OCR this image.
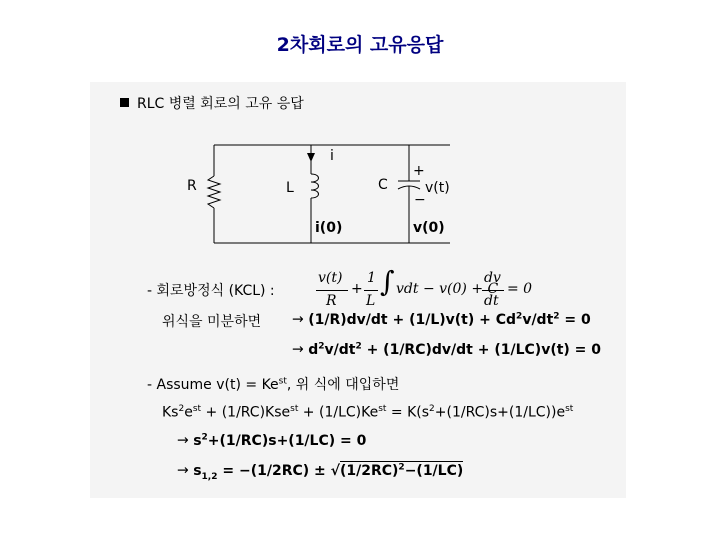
2차회로의 고유응답
RLC 병렬 회로의 고유 응답
i
R	L	C
+
−
v(t)
i(0)	v(0)
- 회로방정식 (KCL) :
v(t)
R
+
1
L
∫ vdt − v(0) + C
dv
dt
= 0
위식을 미분하면 → $(1/R)dv/dt + (1/L)v(t) + Cd^2v/dt^2 = 0$
→ $d^2v/dt^2 + (1/RC)dv/dt + (1/LC)v(t) = 0$
- Assume $v(t) = Ke^{st}$, 위 식에 대입하면
$Ks^2e^{st} + (1/RC)Kse^{st} + (1/LC)Ke^{st} = K(s^2+(1/RC)s+(1/LC))e^{st}$
→ $s^2+(1/RC)s+(1/LC) = 0$
→ $s_{1,2} = -(1/2RC) \pm √(1/2RC)^2-(1/LC)$
